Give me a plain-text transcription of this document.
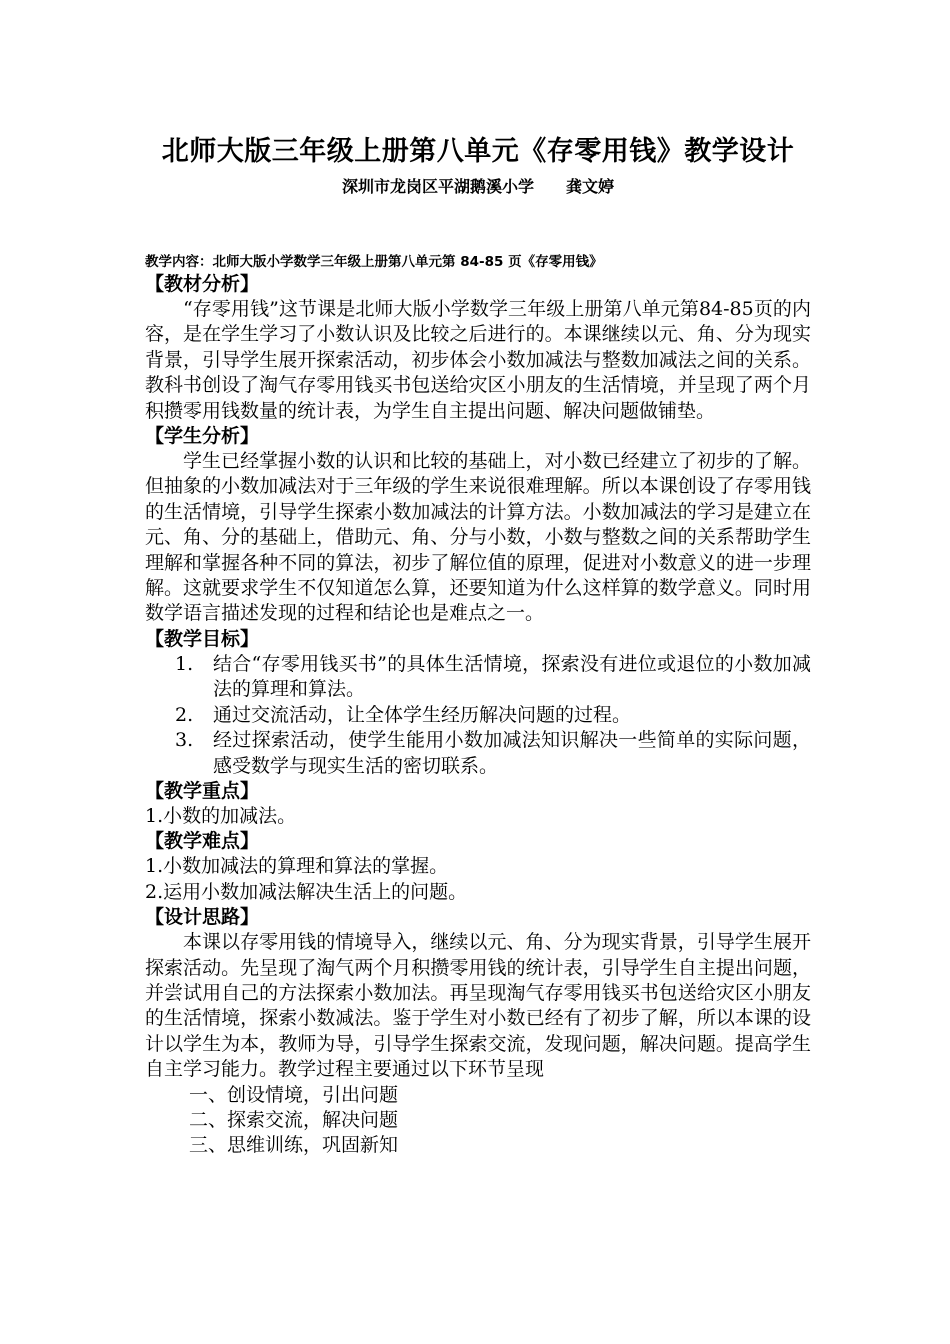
北师大版三年级上册第八单元《存零用钱》教学设计

深圳市龙岗区平湖鹅溪小学　　龚文婷

教学内容：北师大版小学数学三年级上册第八单元第 84-85 页《存零用钱》

【教材分析】

“存零用钱”这节课是北师大版小学数学三年级上册第八单元第84-85页的内容，是在学生学习了小数认识及比较之后进行的。本课继续以元、角、分为现实背景，引导学生展开探索活动，初步体会小数加减法与整数加减法之间的关系。教科书创设了淘气存零用钱买书包送给灾区小朋友的生活情境，并呈现了两个月积攒零用钱数量的统计表，为学生自主提出问题、解决问题做铺垫。

【学生分析】

学生已经掌握小数的认识和比较的基础上，对小数已经建立了初步的了解。但抽象的小数加减法对于三年级的学生来说很难理解。所以本课创设了存零用钱的生活情境，引导学生探索小数加减法的计算方法。小数加减法的学习是建立在元、角、分的基础上，借助元、角、分与小数，小数与整数之间的关系帮助学生理解和掌握各种不同的算法，初步了解位值的原理，促进对小数意义的进一步理解。这就要求学生不仅知道怎么算，还要知道为什么这样算的数学意义。同时用数学语言描述发现的过程和结论也是难点之一。

【教学目标】

1. 结合“存零用钱买书”的具体生活情境，探索没有进位或退位的小数加减法的算理和算法。
2. 通过交流活动，让全体学生经历解决问题的过程。
3. 经过探索活动，使学生能用小数加减法知识解决一些简单的实际问题，感受数学与现实生活的密切联系。

【教学重点】

1.小数的加减法。

【教学难点】

1.小数加减法的算理和算法的掌握。

2.运用小数加减法解决生活上的问题。

【设计思路】

本课以存零用钱的情境导入，继续以元、角、分为现实背景，引导学生展开探索活动。先呈现了淘气两个月积攒零用钱的统计表，引导学生自主提出问题，并尝试用自己的方法探索小数加法。再呈现淘气存零用钱买书包送给灾区小朋友的生活情境，探索小数减法。鉴于学生对小数已经有了初步了解，所以本课的设计以学生为本，教师为导，引导学生探索交流，发现问题，解决问题。提高学生自主学习能力。教学过程主要通过以下环节呈现

一、创设情境，引出问题

二、探索交流，解决问题

三、思维训练，巩固新知
